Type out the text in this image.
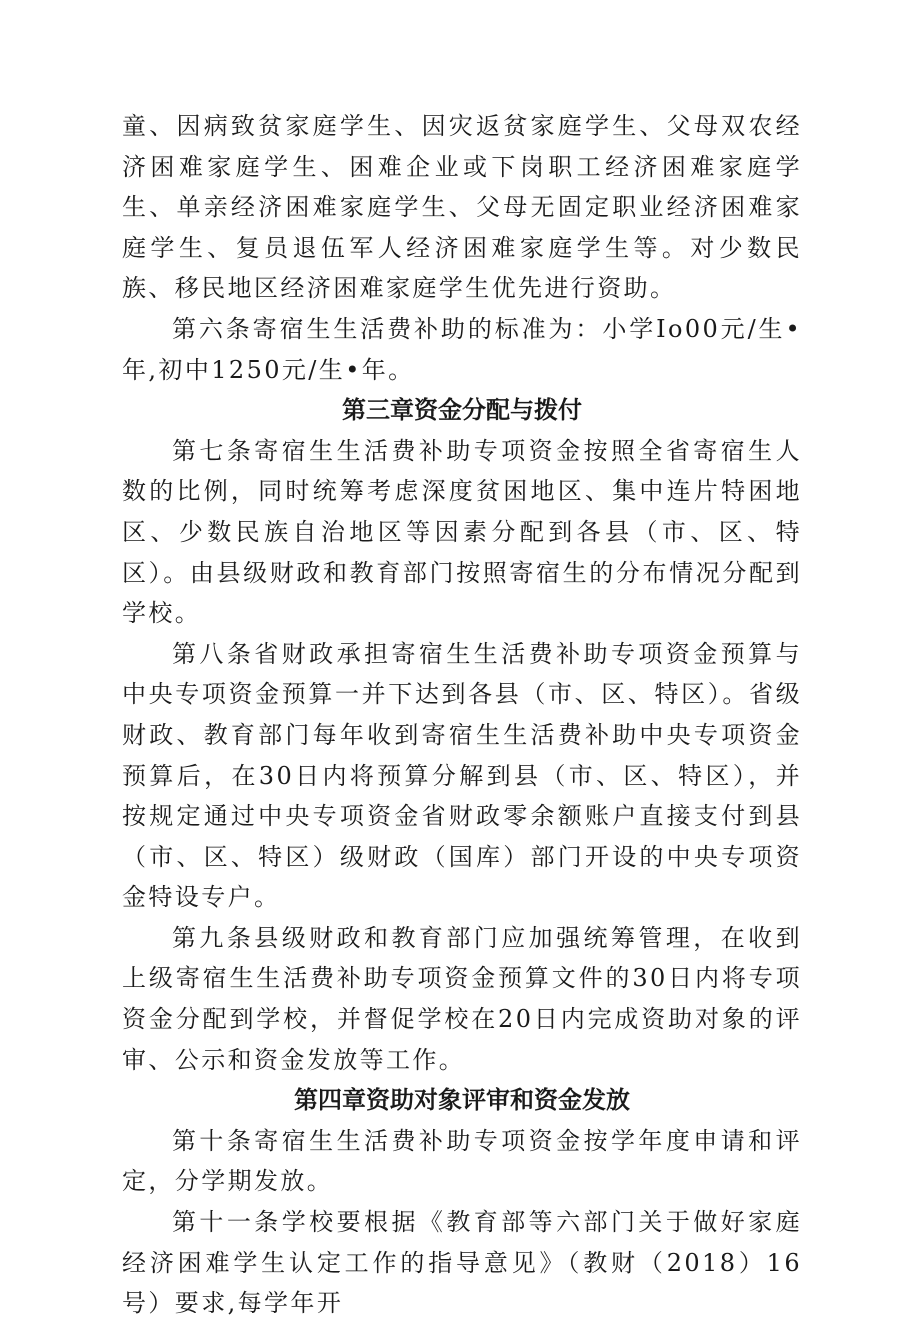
童、因病致贫家庭学生、因灾返贫家庭学生、父母双农经济困难家庭学生、困难企业或下岗职工经济困难家庭学生、单亲经济困难家庭学生、父母无固定职业经济困难家庭学生、复员退伍军人经济困难家庭学生等。对少数民族、移民地区经济困难家庭学生优先进行资助。

第六条寄宿生生活费补助的标准为：小学Io00元/生•年,初中1250元/生•年。

第三章资金分配与拨付

第七条寄宿生生活费补助专项资金按照全省寄宿生人数的比例，同时统筹考虑深度贫困地区、集中连片特困地区、少数民族自治地区等因素分配到各县（市、区、特区）。由县级财政和教育部门按照寄宿生的分布情况分配到学校。

第八条省财政承担寄宿生生活费补助专项资金预算与中央专项资金预算一并下达到各县（市、区、特区）。省级财政、教育部门每年收到寄宿生生活费补助中央专项资金预算后，在30日内将预算分解到县（市、区、特区），并按规定通过中央专项资金省财政零余额账户直接支付到县（市、区、特区）级财政（国库）部门开设的中央专项资金特设专户。

第九条县级财政和教育部门应加强统筹管理，在收到上级寄宿生生活费补助专项资金预算文件的30日内将专项资金分配到学校，并督促学校在20日内完成资助对象的评审、公示和资金发放等工作。

第四章资助对象评审和资金发放

第十条寄宿生生活费补助专项资金按学年度申请和评定，分学期发放。

第十一条学校要根据《教育部等六部门关于做好家庭经济困难学生认定工作的指导意见》（教财（2018）16号）要求,每学年开
